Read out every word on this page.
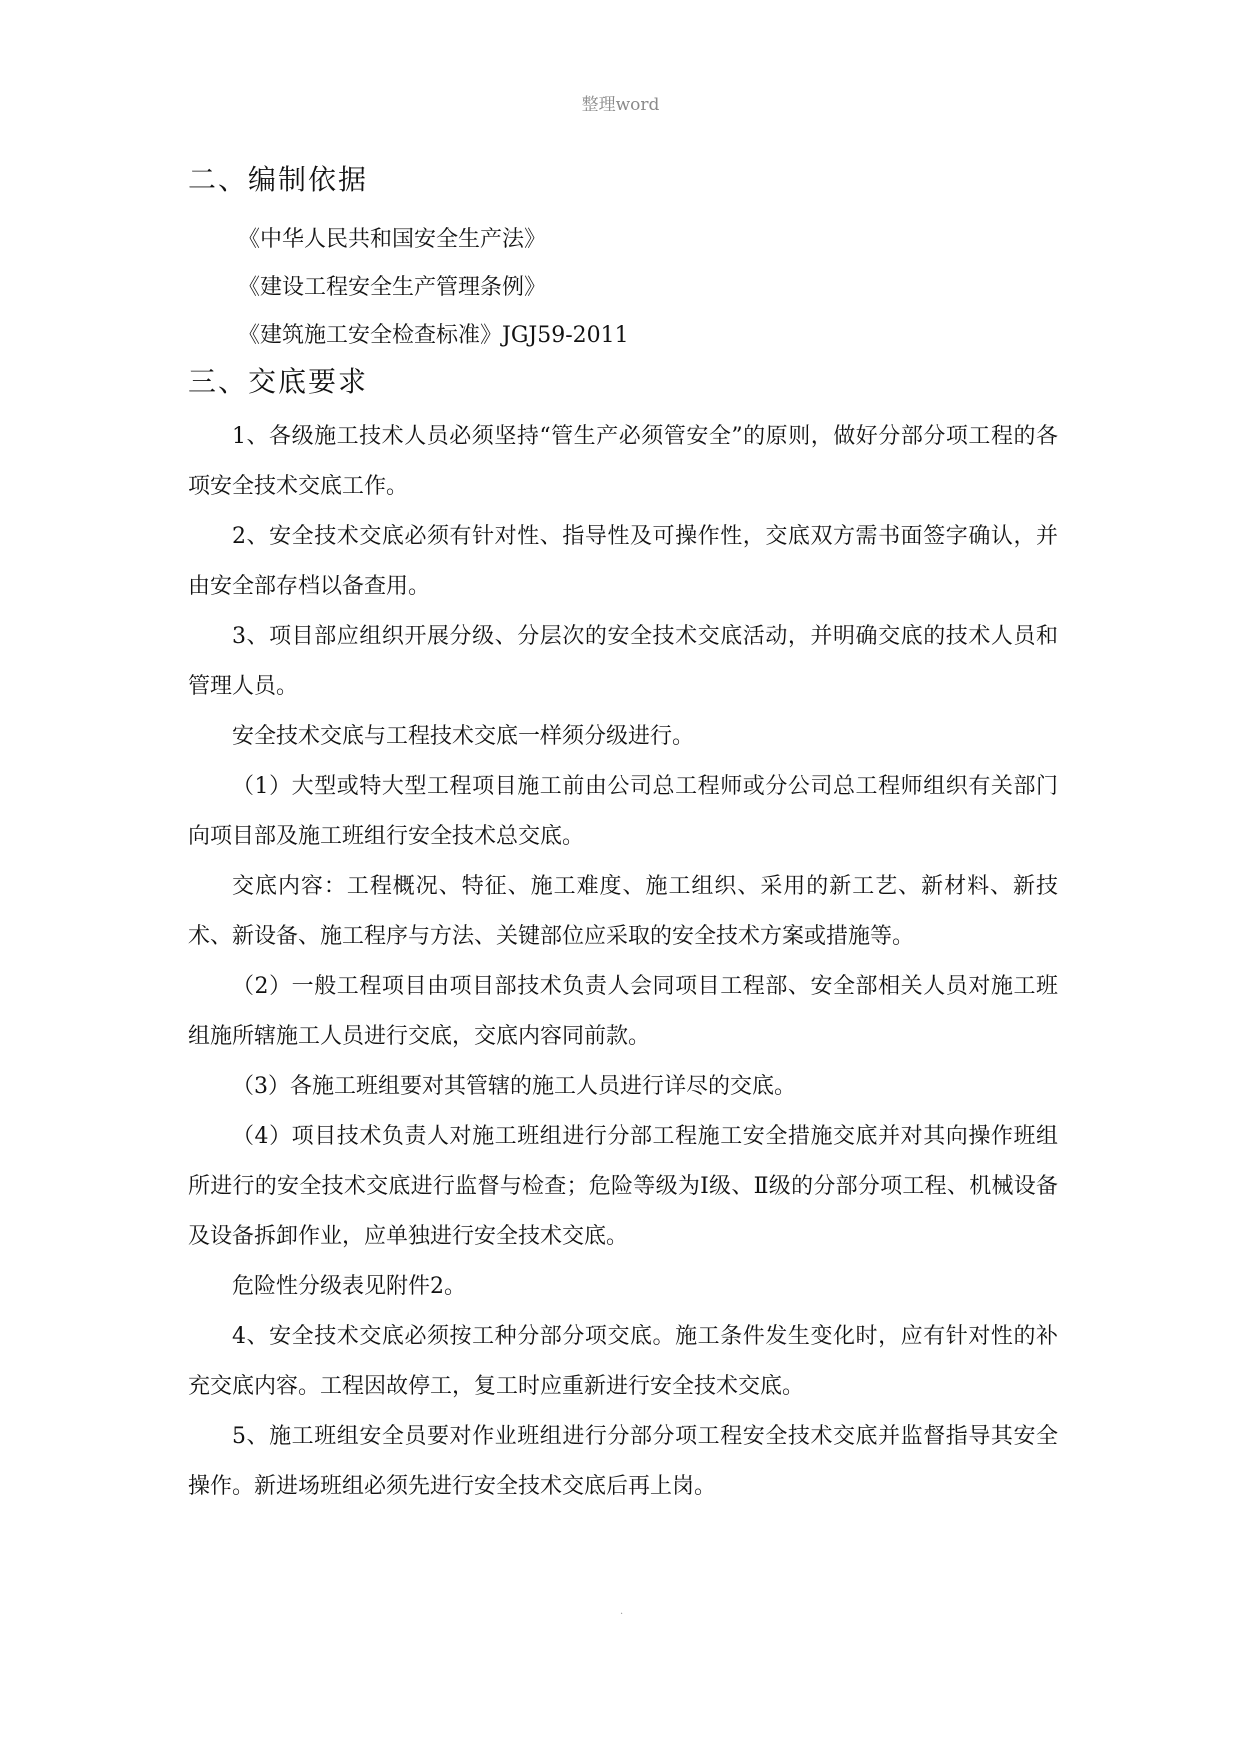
整理word
二、编制依据

《中华人民共和国安全生产法》

《建设工程安全生产管理条例》

《建筑施工安全检查标准》JGJ59-2011

三、交底要求

1、各级施工技术人员必须坚持“管生产必须管安全”的原则，做好分部分项工程的各项安全技术交底工作。

2、安全技术交底必须有针对性、指导性及可操作性，交底双方需书面签字确认，并由安全部存档以备查用。

3、项目部应组织开展分级、分层次的安全技术交底活动，并明确交底的技术人员和管理人员。

安全技术交底与工程技术交底一样须分级进行。

（1）大型或特大型工程项目施工前由公司总工程师或分公司总工程师组织有关部门向项目部及施工班组行安全技术总交底。

交底内容：工程概况、特征、施工难度、施工组织、采用的新工艺、新材料、新技术、新设备、施工程序与方法、关键部位应采取的安全技术方案或措施等。

（2）一般工程项目由项目部技术负责人会同项目工程部、安全部相关人员对施工班组施所辖施工人员进行交底，交底内容同前款。

（3）各施工班组要对其管辖的施工人员进行详尽的交底。

（4）项目技术负责人对施工班组进行分部工程施工安全措施交底并对其向操作班组所进行的安全技术交底进行监督与检查；危险等级为Ⅰ级、Ⅱ级的分部分项工程、机械设备及设备拆卸作业，应单独进行安全技术交底。

危险性分级表见附件2。

4、安全技术交底必须按工种分部分项交底。施工条件发生变化时，应有针对性的补充交底内容。工程因故停工，复工时应重新进行安全技术交底。

5、施工班组安全员要对作业班组进行分部分项工程安全技术交底并监督指导其安全操作。新进场班组必须先进行安全技术交底后再上岗。

.
